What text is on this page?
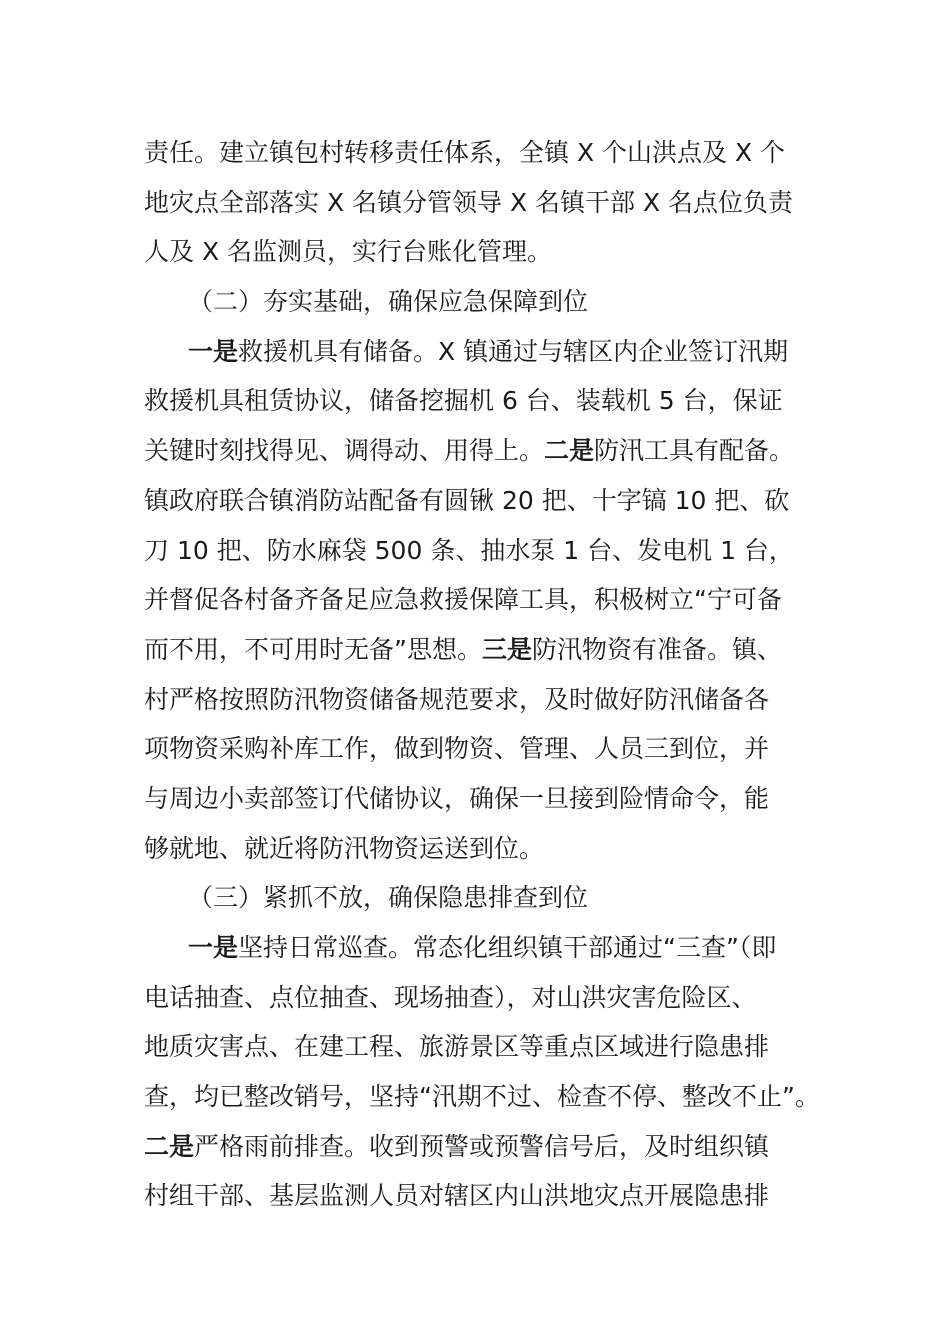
责任。建立镇包村转移责任体系，全镇 X 个山洪点及 X 个
地灾点全部落实 X 名镇分管领导 X 名镇干部 X 名点位负责
人及 X 名监测员，实行台账化管理。
（二）夯实基础，确保应急保障到位
一是救援机具有储备。X 镇通过与辖区内企业签订汛期
救援机具租赁协议，储备挖掘机 6 台、装载机 5 台，保证
关键时刻找得见、调得动、用得上。二是防汛工具有配备。
镇政府联合镇消防站配备有圆锹 20 把、十字镐 10 把、砍
刀 10 把、防水麻袋 500 条、抽水泵 1 台、发电机 1 台，
并督促各村备齐备足应急救援保障工具，积极树立“宁可备
而不用，不可用时无备”思想。三是防汛物资有准备。镇、
村严格按照防汛物资储备规范要求，及时做好防汛储备各
项物资采购补库工作，做到物资、管理、人员三到位，并
与周边小卖部签订代储协议，确保一旦接到险情命令，能
够就地、就近将防汛物资运送到位。
（三）紧抓不放，确保隐患排查到位
一是坚持日常巡查。常态化组织镇干部通过“三查”（即
电话抽查、点位抽查、现场抽查），对山洪灾害危险区、
地质灾害点、在建工程、旅游景区等重点区域进行隐患排
查，均已整改销号，坚持“汛期不过、检查不停、整改不止”。
二是严格雨前排查。收到预警或预警信号后，及时组织镇
村组干部、基层监测人员对辖区内山洪地灾点开展隐患排
